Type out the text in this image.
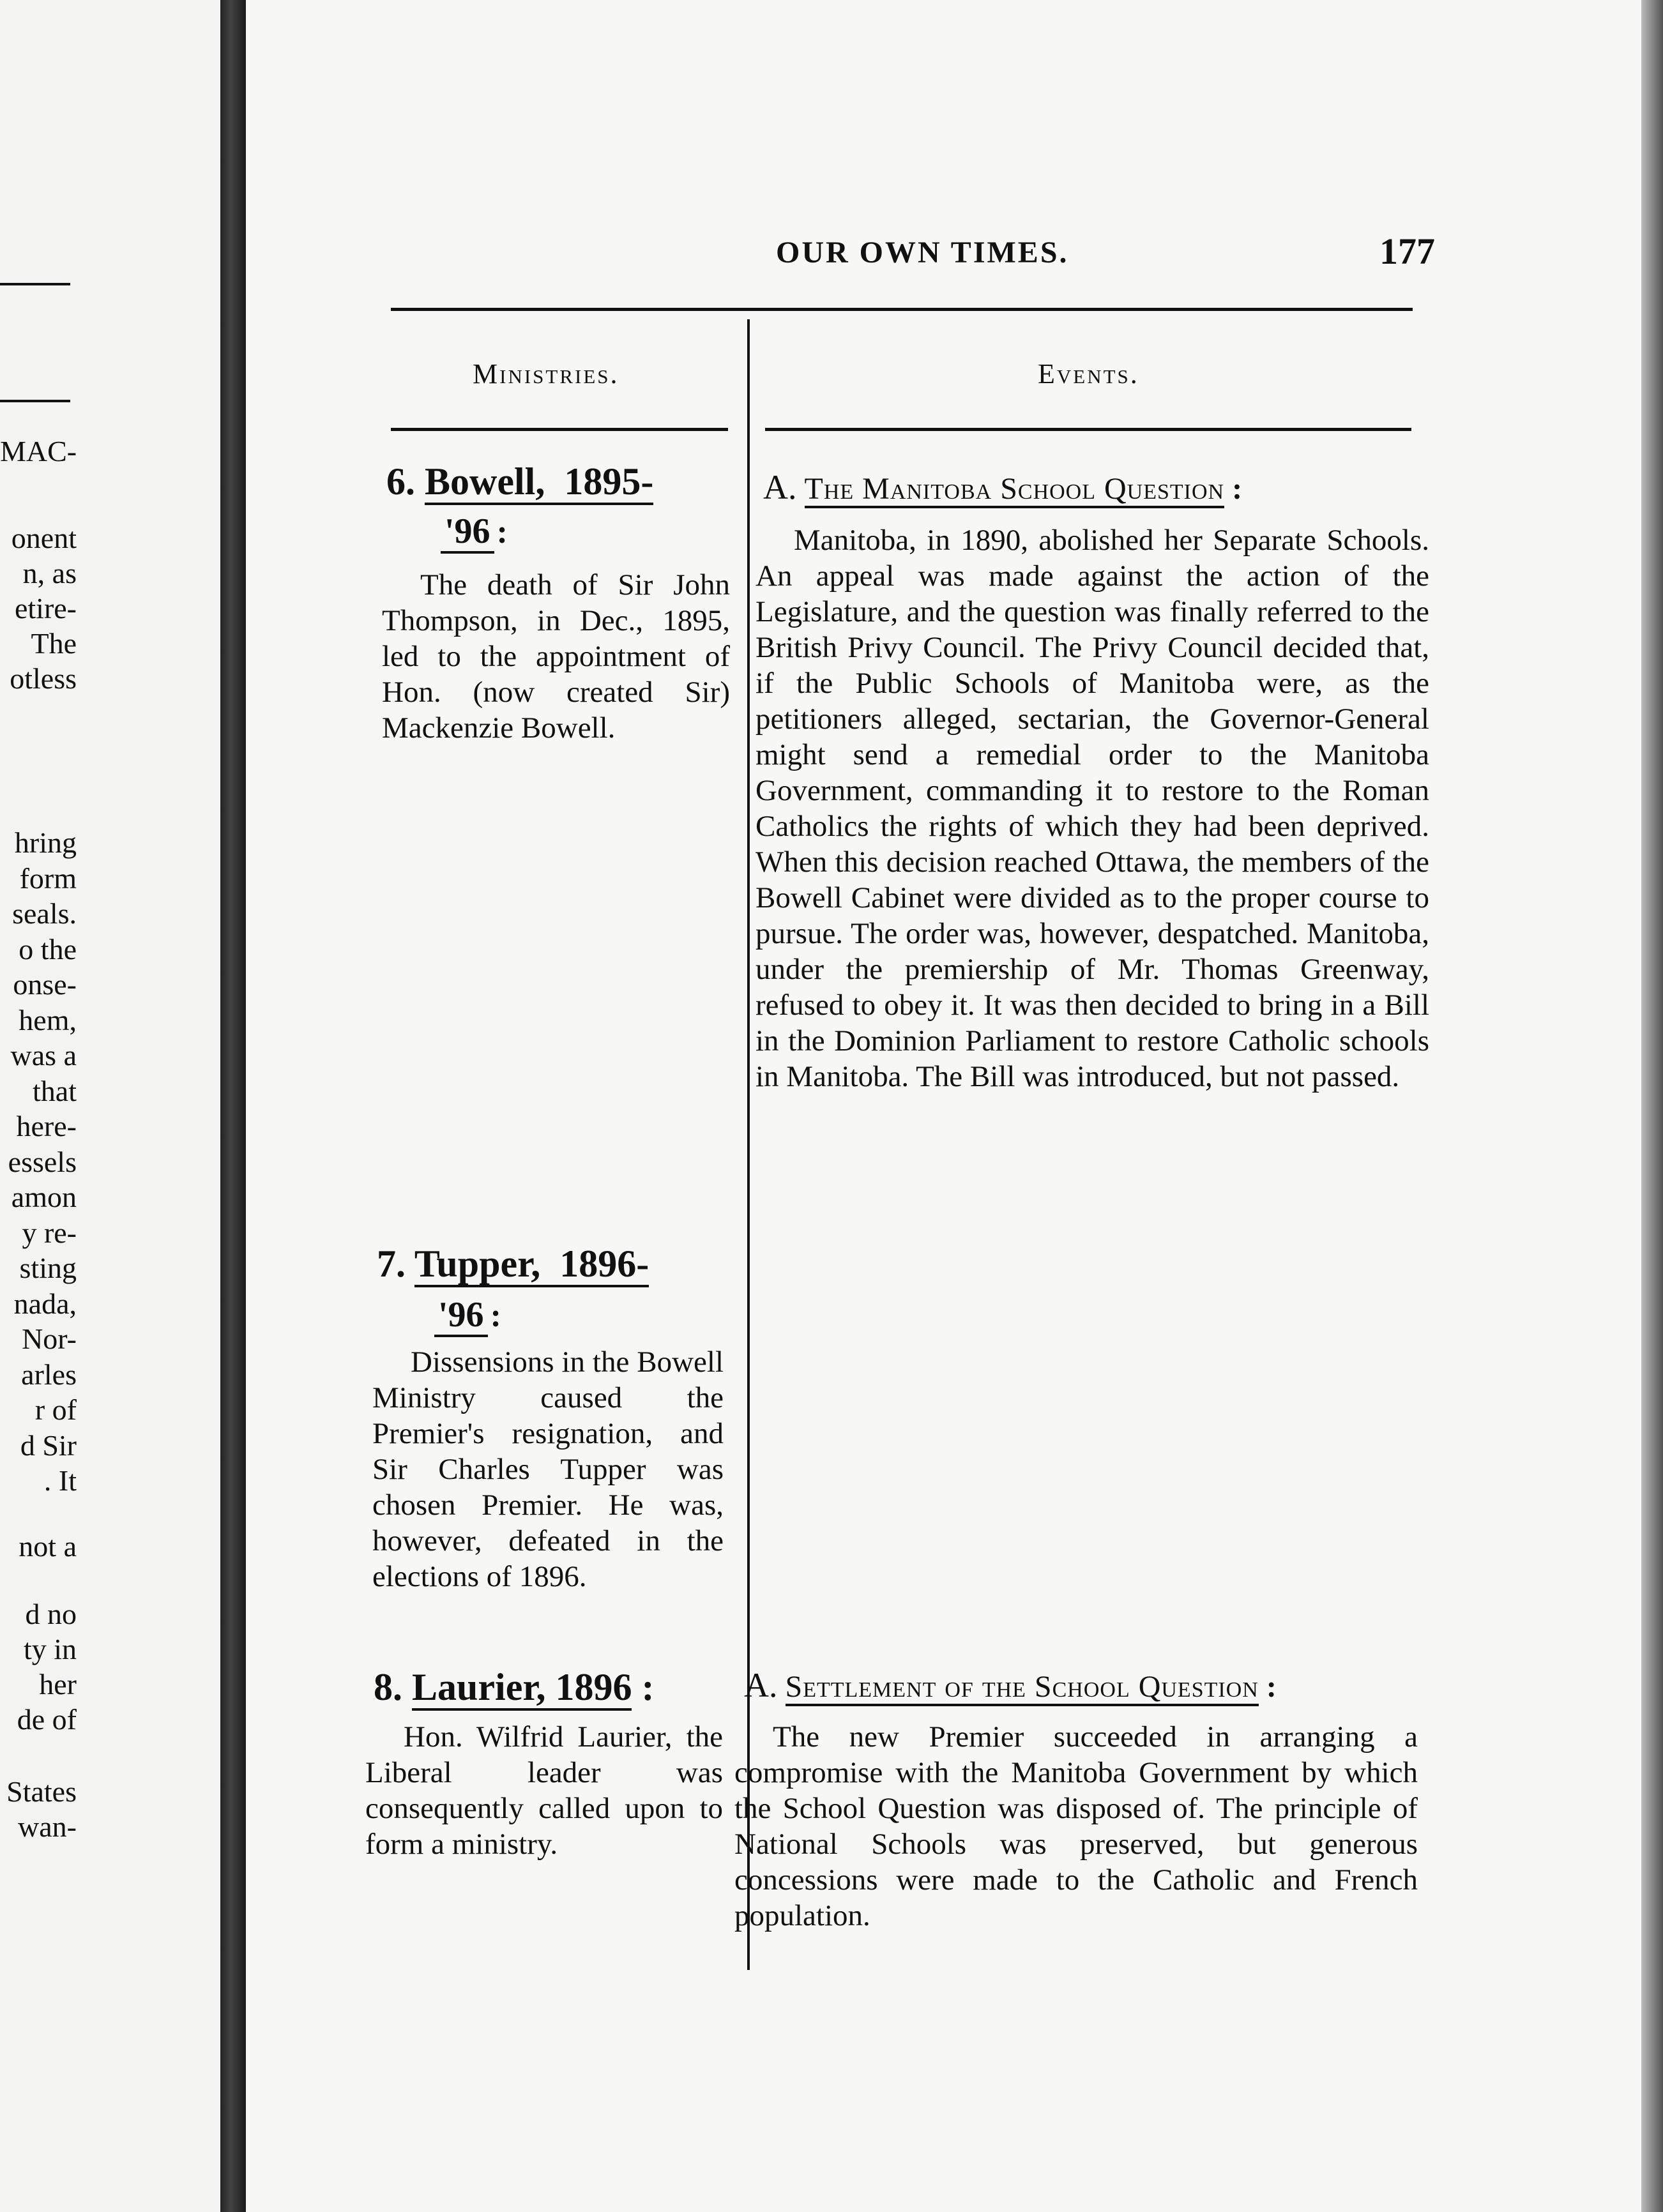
MAC-
onent
n, as
etire-
The
otless
hring
form
seals.
o the
onse-
hem,
was a
that
here-
essels
amon
y re-
sting
nada,
Nor-
arles
r of
d Sir
. It
not a
d no
ty in
her
de of
States
wan-
OUR OWN TIMES.	177
Ministries.	Events.
6. Bowell, 1895-
'96 :
The death of Sir John Thompson, in Dec., 1895, led to the appointment of Hon. (now created Sir) Mackenzie Bowell.
7. Tupper, 1896-
'96 :
Dissensions in the Bowell Ministry caused the Premier's resignation, and Sir Charles Tupper was chosen Premier. He was, however, defeated in the elections of 1896.
8. Laurier, 1896 :
Hon. Wilfrid Laurier, the Liberal leader was consequently called upon to form a ministry.
A. The Manitoba School Question :
Manitoba, in 1890, abolished her Separate Schools. An appeal was made against the action of the Legislature, and the question was finally referred to the British Privy Council. The Privy Council decided that, if the Public Schools of Manitoba were, as the petitioners alleged, sectarian, the Governor-General might send a remedial order to the Manitoba Government, commanding it to restore to the Roman Catholics the rights of which they had been deprived. When this decision reached Ottawa, the members of the Bowell Cabinet were divided as to the proper course to pursue. The order was, however, despatched. Manitoba, under the premiership of Mr. Thomas Greenway, refused to obey it. It was then decided to bring in a Bill in the Dominion Parliament to restore Catholic schools in Manitoba. The Bill was introduced, but not passed.
A. Settlement of the School Question :
The new Premier succeeded in arranging a compromise with the Manitoba Government by which the School Question was disposed of. The principle of National Schools was preserved, but generous concessions were made to the Catholic and French population.
